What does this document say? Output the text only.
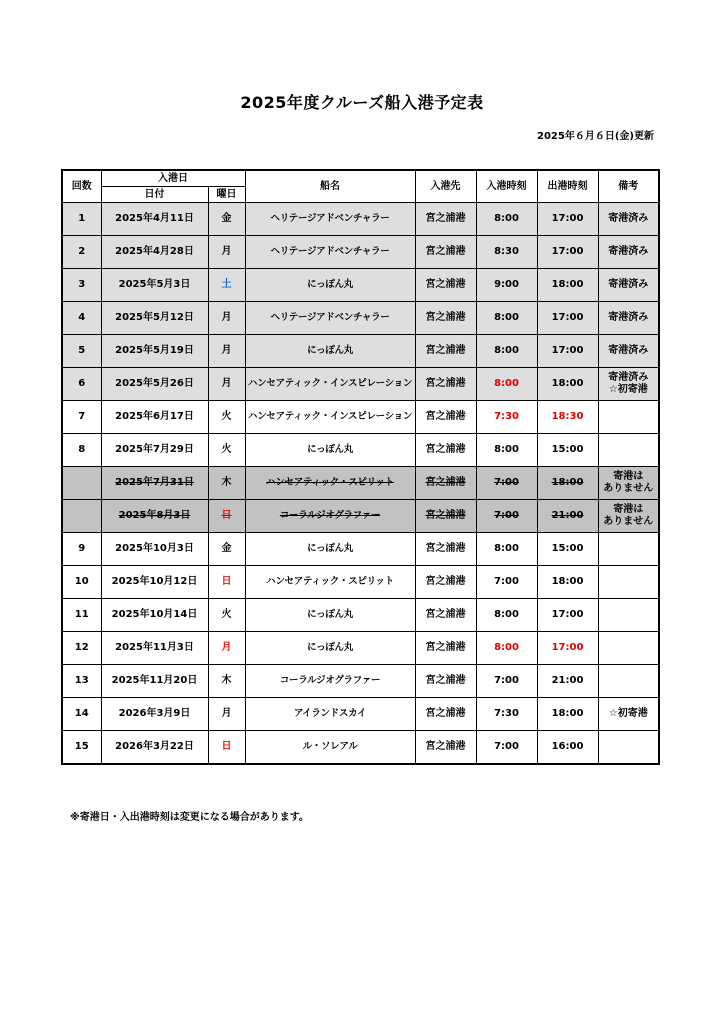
2025年度クルーズ船入港予定表
2025年６月６日(金)更新
回数	入港日		船名	入港先	入港時刻	出港時刻	備考
	日付	曜日					
1	2025年4月11日	金	ヘリテージアドベンチャラー	宮之浦港	8:00	17:00	寄港済み
2	2025年4月28日	月	ヘリテージアドベンチャラー	宮之浦港	8:30	17:00	寄港済み
3	2025年5月3日	土	にっぽん丸	宮之浦港	9:00	18:00	寄港済み
4	2025年5月12日	月	ヘリテージアドベンチャラー	宮之浦港	8:00	17:00	寄港済み
5	2025年5月19日	月	にっぽん丸	宮之浦港	8:00	17:00	寄港済み
6	2025年5月26日	月	ハンセアティック・インスピレーション	宮之浦港	8:00	18:00	寄港済み
☆初寄港
7	2025年6月17日	火	ハンセアティック・インスピレーション	宮之浦港	7:30	18:30	
8	2025年7月29日	火	にっぽん丸	宮之浦港	8:00	15:00	
	2025年7月31日	木	ハンセアティック・スピリット	宮之浦港	7:00	18:00	寄港は
ありません
	2025年8月3日	日	コーラルジオグラファー	宮之浦港	7:00	21:00	寄港は
ありません
9	2025年10月3日	金	にっぽん丸	宮之浦港	8:00	15:00	
10	2025年10月12日	日	ハンセアティック・スピリット	宮之浦港	7:00	18:00	
11	2025年10月14日	火	にっぽん丸	宮之浦港	8:00	17:00	
12	2025年11月3日	月	にっぽん丸	宮之浦港	8:00	17:00	
13	2025年11月20日	木	コーラルジオグラファー	宮之浦港	7:00	21:00	
14	2026年3月9日	月	アイランドスカイ	宮之浦港	7:30	18:00	☆初寄港
15	2026年3月22日	日	ル・ソレアル	宮之浦港	7:00	16:00	
※寄港日・入出港時刻は変更になる場合があります。
